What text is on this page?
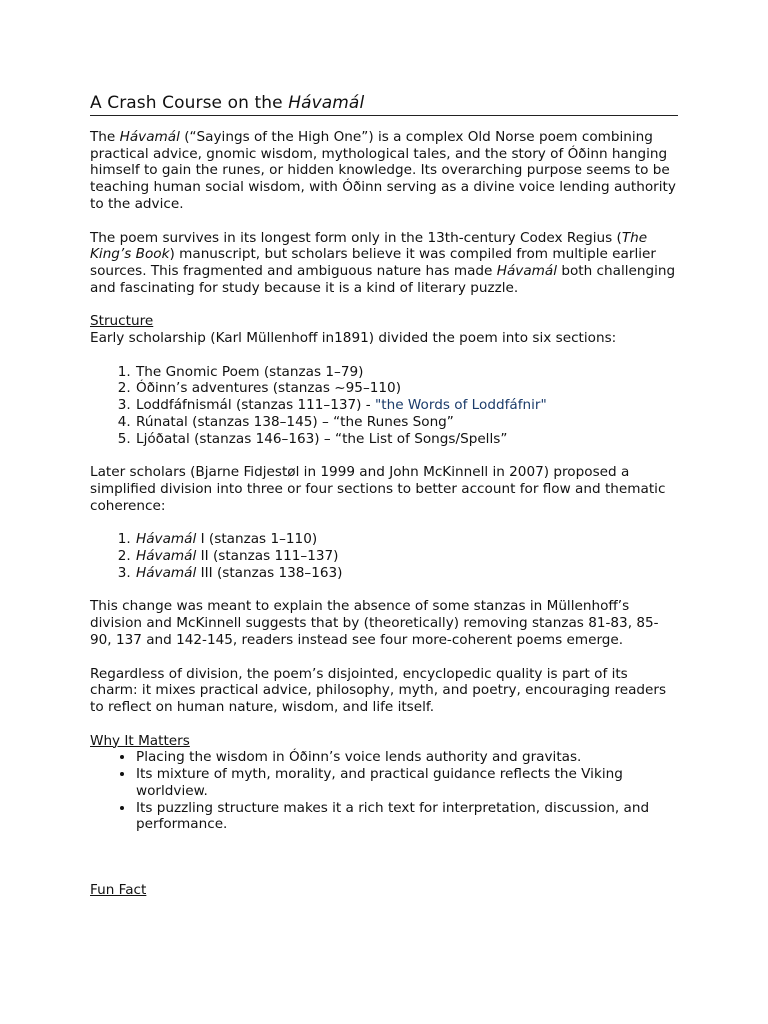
A Crash Course on the Hávamál

The Hávamál (“Sayings of the High One”) is a complex Old Norse poem combining practical advice, gnomic wisdom, mythological tales, and the story of Óðinn hanging himself to gain the runes, or hidden knowledge. Its overarching purpose seems to be teaching human social wisdom, with Óðinn serving as a divine voice lending authority to the advice.

The poem survives in its longest form only in the 13th-century Codex Regius (The King’s Book) manuscript, but scholars believe it was compiled from multiple earlier sources. This fragmented and ambiguous nature has made Hávamál both challenging and fascinating for study because it is a kind of literary puzzle.

Structure

Early scholarship (Karl Müllenhoff in1891) divided the poem into six sections:

1. The Gnomic Poem (stanzas 1–79)
2. Óðinn’s adventures (stanzas ~95–110)
3. Loddfáfnismál (stanzas 111–137) - "the Words of Loddfáfnir"
4. Rúnatal (stanzas 138–145) – “the Runes Song”
5. Ljóðatal (stanzas 146–163) – “the List of Songs/Spells”

Later scholars (Bjarne Fidjestøl in 1999 and John McKinnell in 2007) proposed a simplified division into three or four sections to better account for flow and thematic coherence:

1. Hávamál I (stanzas 1–110)
2. Hávamál II (stanzas 111–137)
3. Hávamál III (stanzas 138–163)

This change was meant to explain the absence of some stanzas in Müllenhoff’s division and McKinnell suggests that by (theoretically) removing stanzas 81-83, 85-90, 137 and 142-145, readers instead see four more-coherent poems emerge.

Regardless of division, the poem’s disjointed, encyclopedic quality is part of its charm: it mixes practical advice, philosophy, myth, and poetry, encouraging readers to reflect on human nature, wisdom, and life itself.

Why It Matters
• Placing the wisdom in Óðinn’s voice lends authority and gravitas.
• Its mixture of myth, morality, and practical guidance reflects the Viking worldview.
• Its puzzling structure makes it a rich text for interpretation, discussion, and performance.
Fun Fact
